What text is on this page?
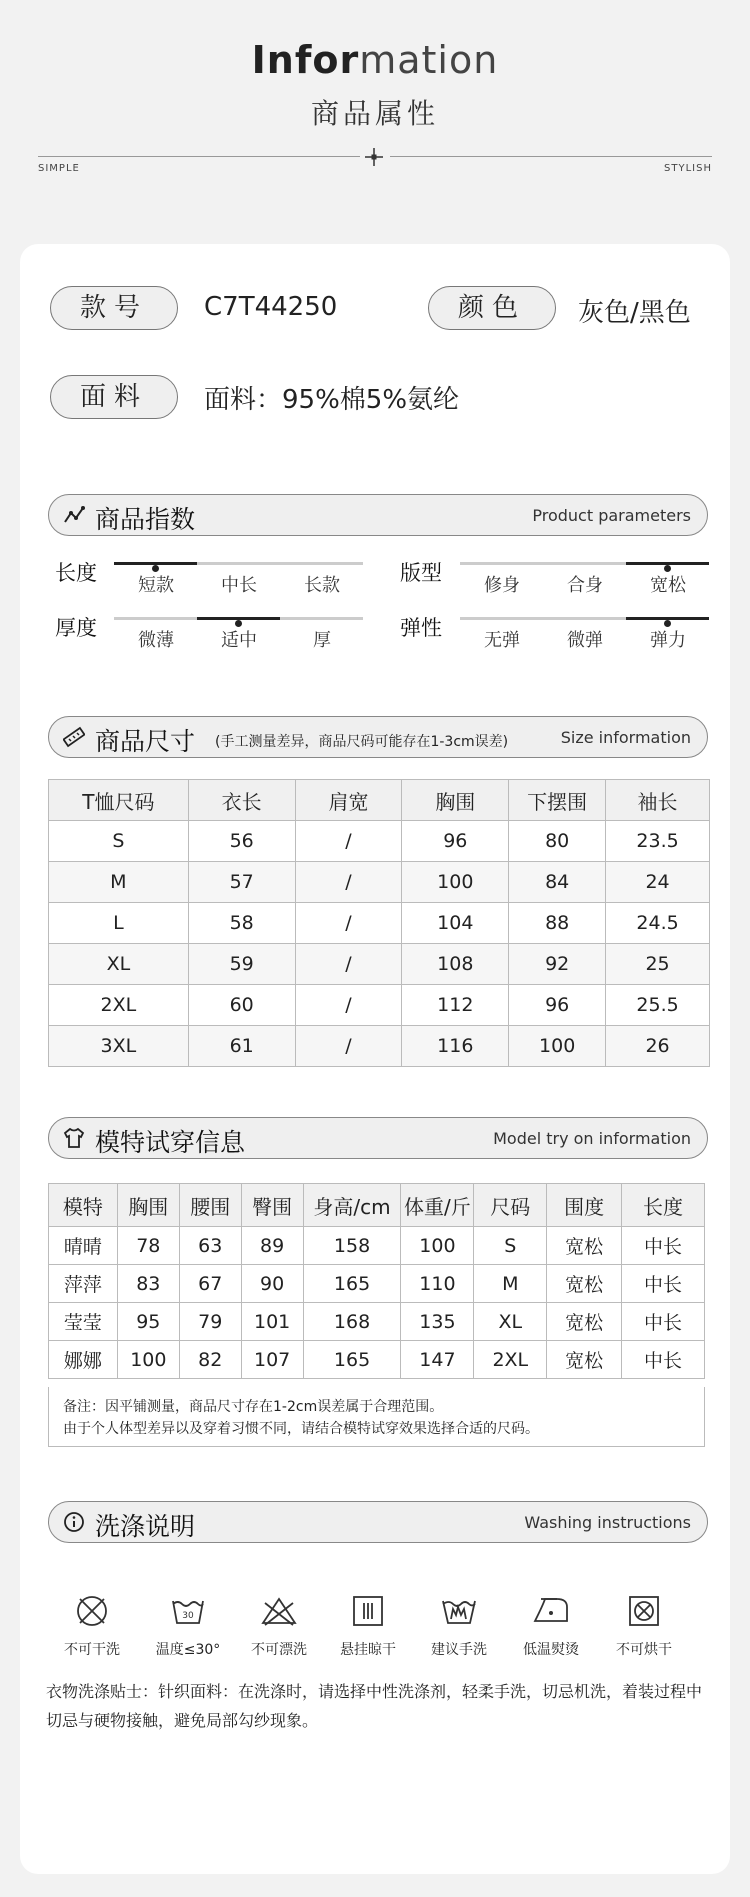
Information
商品属性
SIMPLE	STYLISH
款号	C7T44250	颜色	灰色/黑色
面料	面料：95%棉5%氨纶
商品指数	Product parameters
长度
短款	中长	长款
版型
修身	合身	宽松
厚度
微薄	适中	厚
弹性
无弹	微弹	弹力
商品尺寸 (手工测量差异，商品尺码可能存在1-3cm误差)	Size information
T恤尺码	衣长	肩宽	胸围	下摆围	袖长
S	56	/	96	80	23.5
M	57	/	100	84	24
L	58	/	104	88	24.5
XL	59	/	108	92	25
2XL	60	/	112	96	25.5
3XL	61	/	116	100	26
模特试穿信息	Model try on information
模特	胸围	腰围	臀围	身高/cm	体重/斤	尺码	围度	长度
晴晴	78	63	89	158	100	S	宽松	中长
萍萍	83	67	90	165	110	M	宽松	中长
莹莹	95	79	101	168	135	XL	宽松	中长
娜娜	100	82	107	165	147	2XL	宽松	中长
备注：因平铺测量，商品尺寸存在1-2cm误差属于合理范围。
由于个人体型差异以及穿着习惯不同，请结合模特试穿效果选择合适的尺码。
洗涤说明	Washing instructions
不可干洗
30
温度≤30°	不可漂洗	悬挂晾干	建议手洗	低温熨烫	不可烘干
衣物洗涤贴士：针织面料：在洗涤时，请选择中性洗涤剂，轻柔手洗，切忌机洗，着装过程中切忌与硬物接触，避免局部勾纱现象。
